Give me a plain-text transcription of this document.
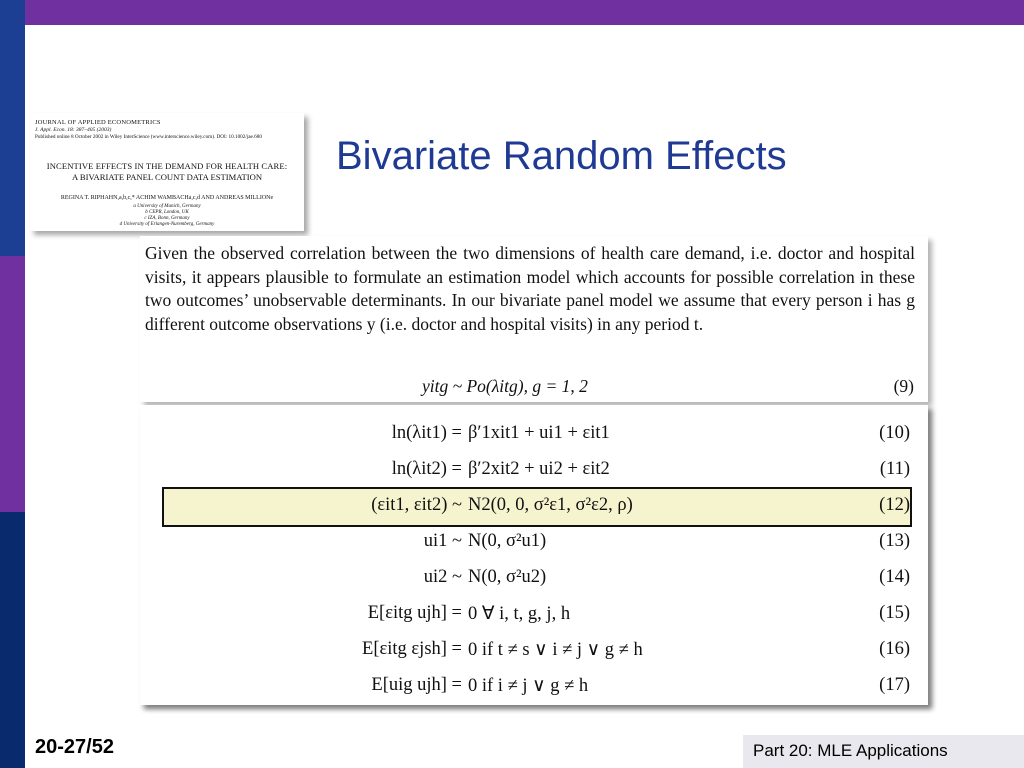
JOURNAL OF APPLIED ECONOMETRICS
J. Appl. Econ. 18: 387–405 (2003)
Published online 8 October 2002 in Wiley InterScience (www.interscience.wiley.com). DOI: 10.1002/jae.680
INCENTIVE EFFECTS IN THE DEMAND FOR HEALTH CARE:
A BIVARIATE PANEL COUNT DATA ESTIMATION
REGINA T. RIPHAHN,a,b,c,* ACHIM WAMBACHa,c,d AND ANDREAS MILLIONe
a University of Munich, Germany
b CEPR, London, UK
c IZA, Bonn, Germany
d University of Erlangen-Nuremberg, Germany
Bivariate Random Effects
Given the observed correlation between the two dimensions of health care demand, i.e. doctor and hospital visits, it appears plausible to formulate an estimation model which accounts for possible correlation in these two outcomes’ unobservable determinants. In our bivariate panel model we assume that every person i has g different outcome observations y (i.e. doctor and hospital visits) in any period t.
yitg ~ Po(λitg), g = 1, 2	(9)
ln(λit1) = β′1xit1 + ui1 + εit1	(10)
ln(λit2) = β′2xit2 + ui2 + εit2	(11)
(εit1, εit2) ~ N2(0, 0, σ²ε1, σ²ε2, ρ)	(12)
ui1 ~ N(0, σ²u1)	(13)
ui2 ~ N(0, σ²u2)	(14)
E[εitg ujh] = 0 ∀ i, t, g, j, h	(15)
E[εitg εjsh] = 0 if t ≠ s ∨ i ≠ j ∨ g ≠ h	(16)
E[uig ujh] = 0 if i ≠ j ∨ g ≠ h	(17)
20-27/52	Part 20: MLE Applications
